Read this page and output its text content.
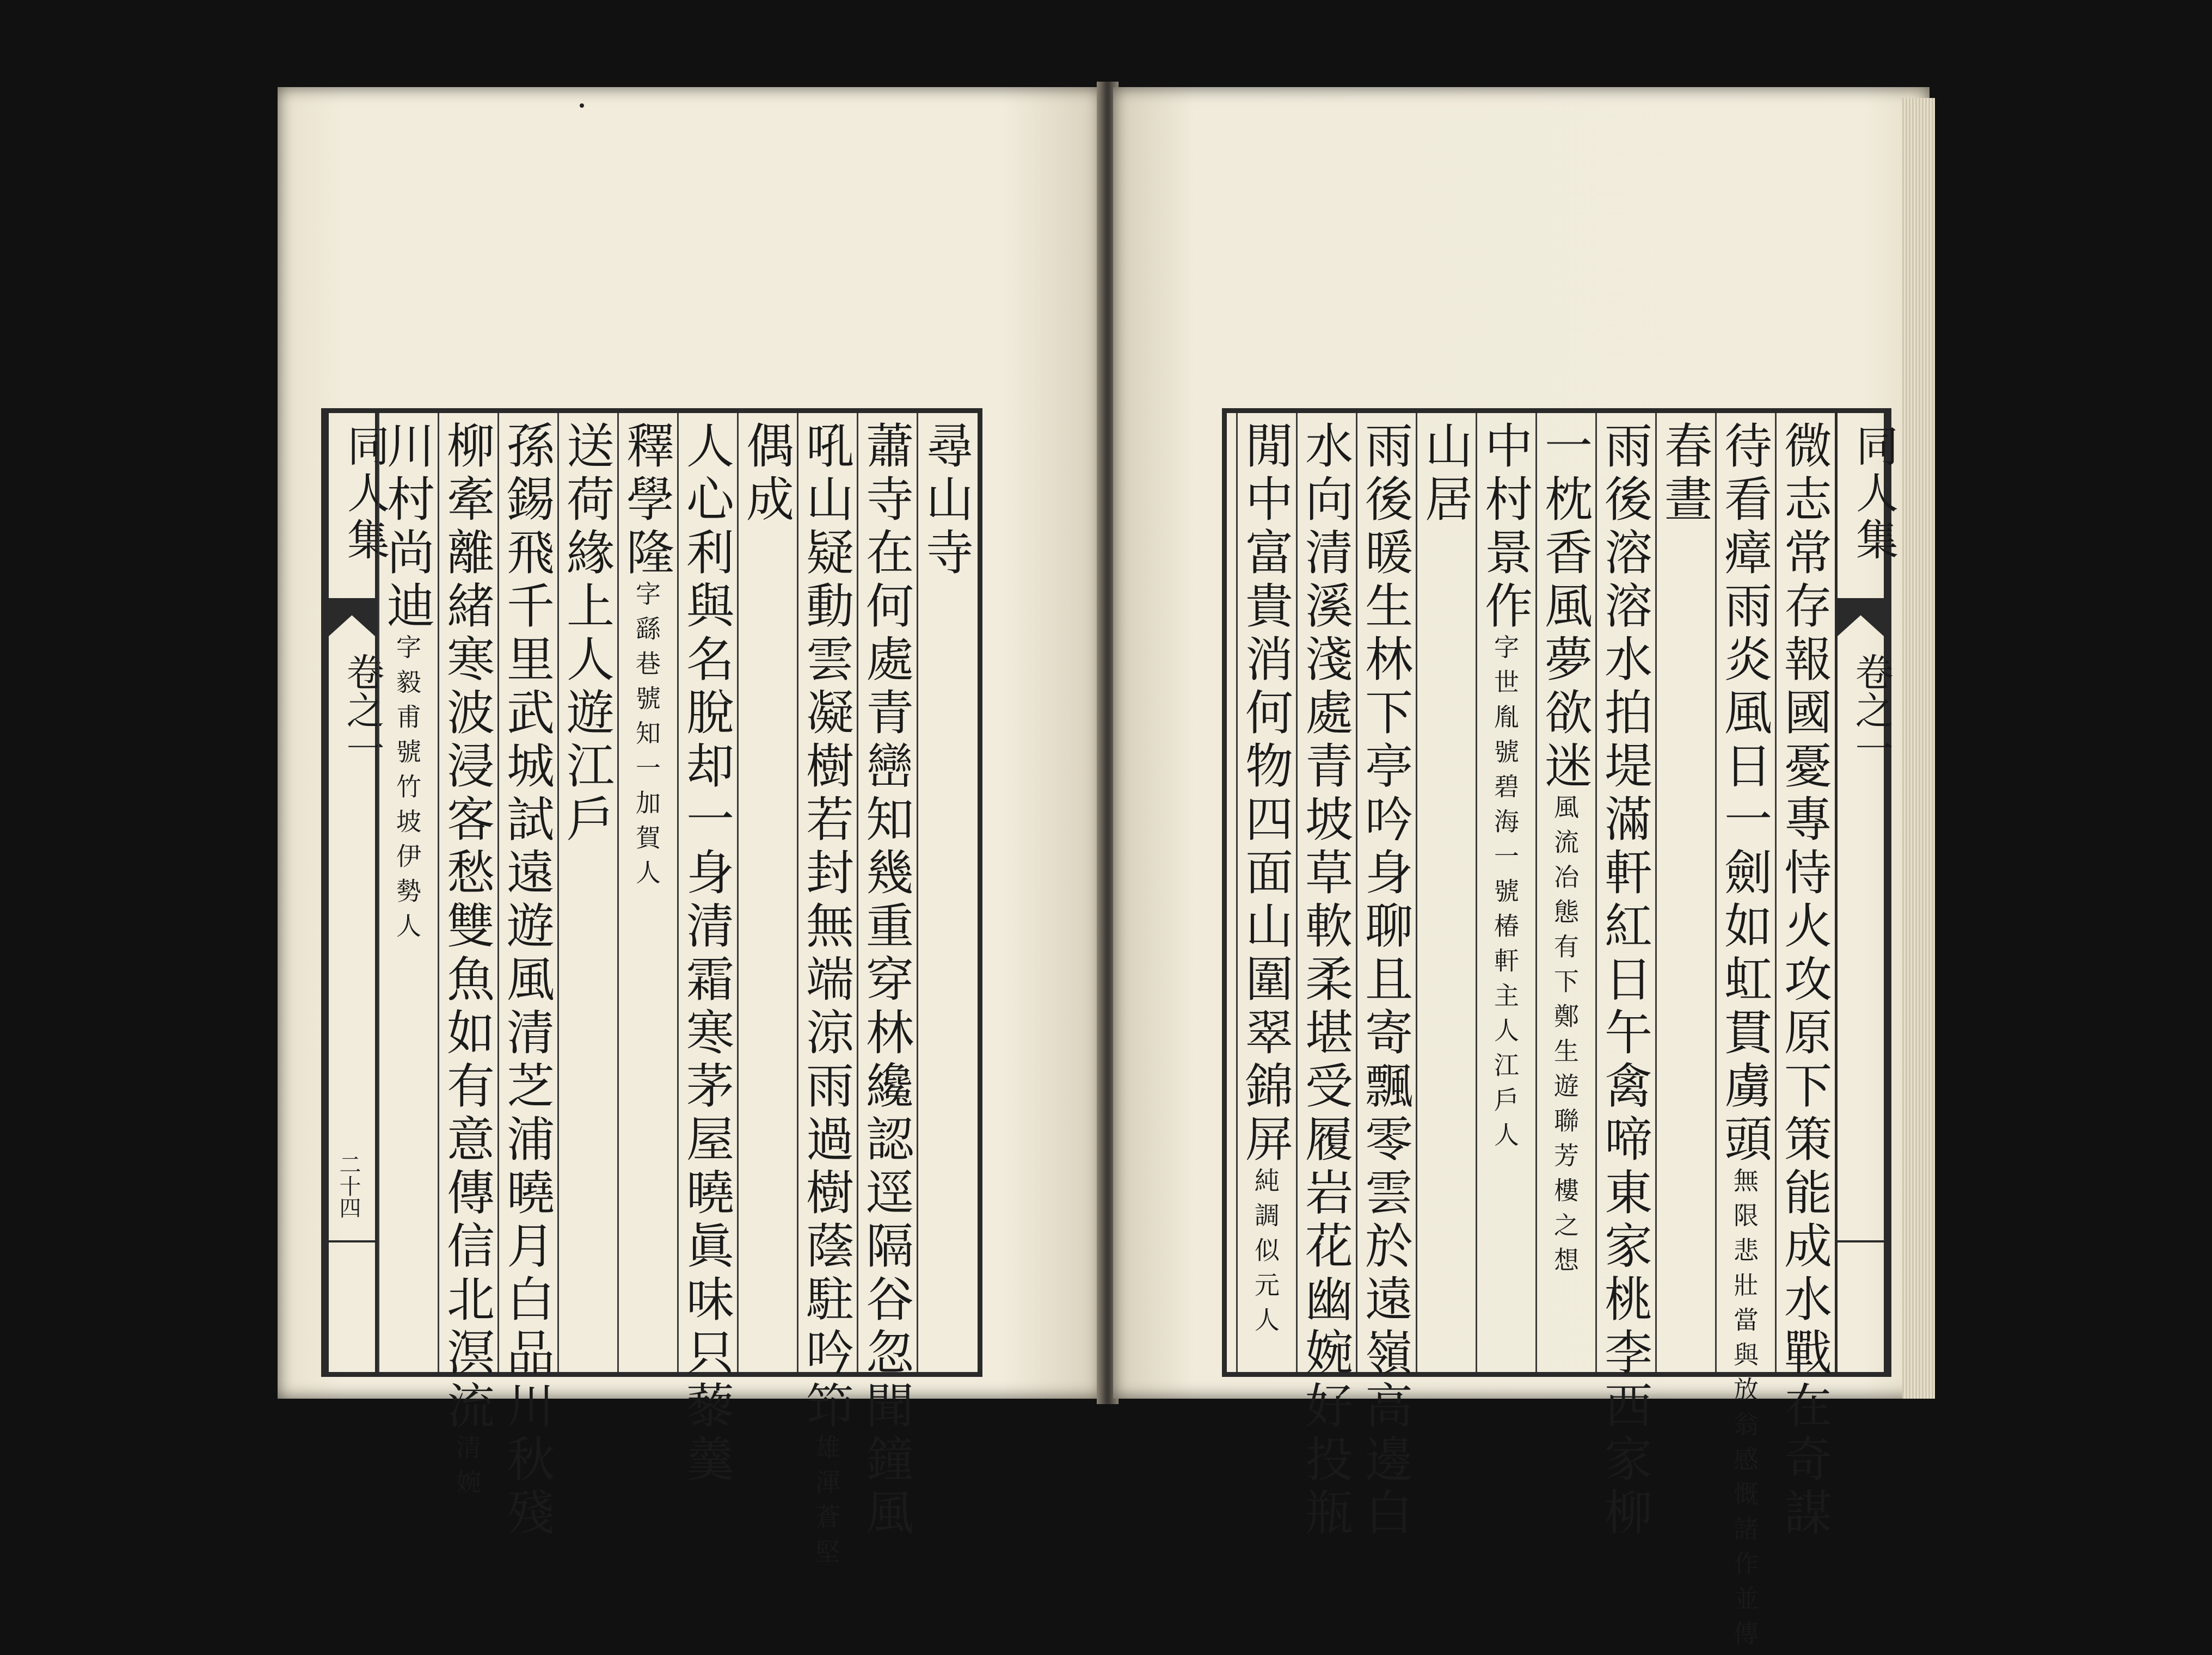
同人集
卷之一
二十四
川村尚迪字毅甫號竹坡伊勢人 柳牽離緒寒波浸客愁雙魚如有意傳信北溟流清婉 孫錫飛千里武城試遠遊風清芝浦曉月白品川秋殘 送荷緣上人遊江戶 釋學隆字繇巷號知一加賀人 人心利與名脫却一身清霜寒茅屋曉眞味只藜羹 偶成 吼山疑動雲凝樹若封無端涼雨過樹蔭駐吟笻雄渾蒼堅 蕭寺在何處青巒知幾重穿林纔認逕隔谷忽聞鐘風 尋山寺	同人集
卷之一
微志常存報國憂專恃火攻原下策能成水戰在奇謀
待看瘴雨炎風日一劍如虹貫虜頭無限悲壯當與放翁感慨諸作並傳
春晝
雨後溶溶水拍堤滿軒紅日午禽啼東家桃李西家柳
一枕香風夢欲迷風流冶態有下鄭生遊聯芳樓之想
中村景作字世胤號碧海一號椿軒主人江戶人
山居
雨後暖生林下亭吟身聊且寄飄零雲於遠嶺高邊白
水向清溪淺處青坡草軟柔堪受履岩花幽婉好投瓶
閒中富貴消何物四面山圍翠錦屏純調似元人
